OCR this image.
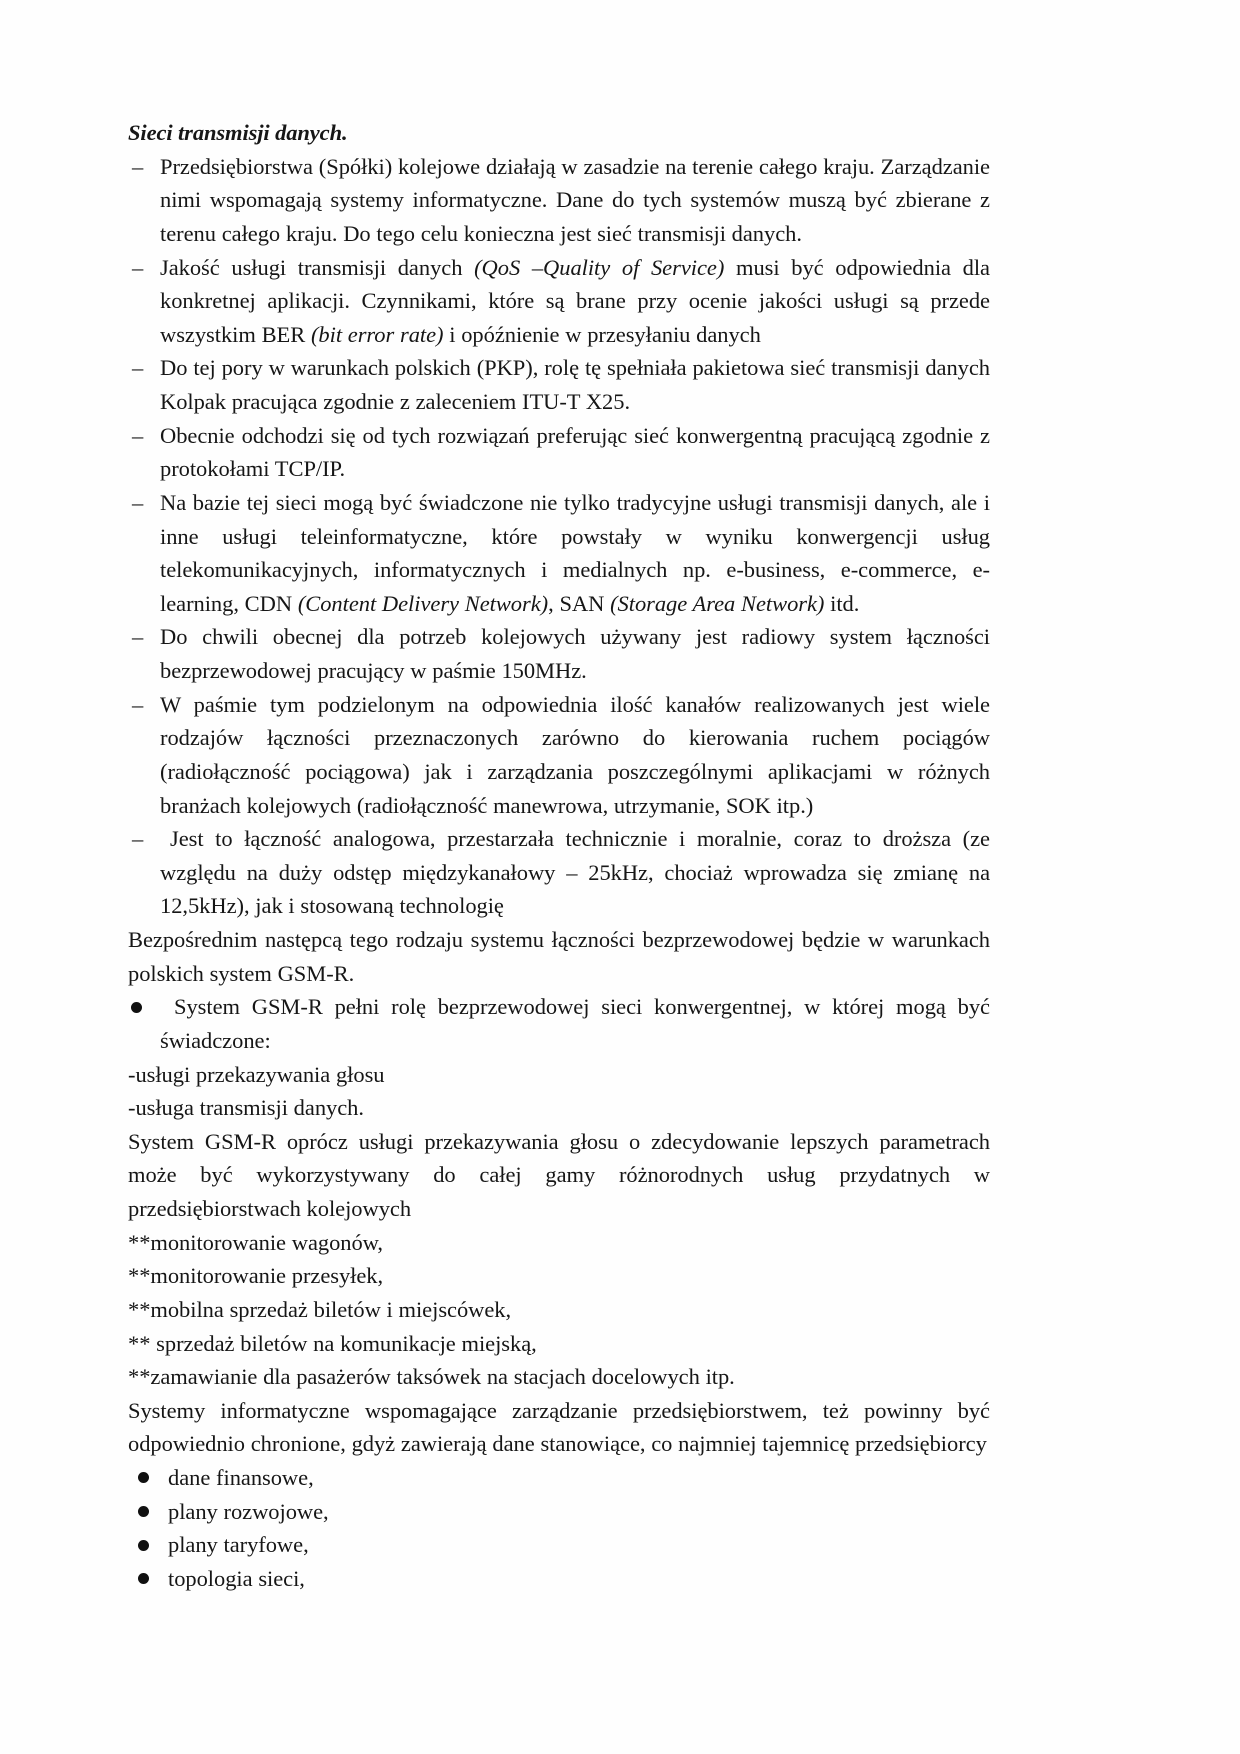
Sieci transmisji danych.
– Przedsiębiorstwa (Spółki) kolejowe działają w zasadzie na terenie całego kraju. Zarządzanie nimi wspomagają systemy informatyczne. Dane do tych systemów muszą być zbierane z terenu całego kraju. Do tego celu konieczna jest sieć transmisji danych.
– Jakość usługi transmisji danych (QoS –Quality of Service) musi być odpowiednia dla konkretnej aplikacji. Czynnikami, które są brane przy ocenie jakości usługi są przede wszystkim BER (bit error rate) i opóźnienie w przesyłaniu danych
– Do tej pory w warunkach polskich (PKP), rolę tę spełniała pakietowa sieć transmisji danych Kolpak pracująca zgodnie z zaleceniem ITU-T X25.
– Obecnie odchodzi się od tych rozwiązań preferując sieć konwergentną pracującą zgodnie z protokołami TCP/IP.
– Na bazie tej sieci mogą być świadczone nie tylko tradycyjne usługi transmisji danych, ale i inne usługi teleinformatyczne, które powstały w wyniku konwergencji usług telekomunikacyjnych, informatycznych i medialnych np. e-business, e-commerce, e-learning, CDN (Content Delivery Network), SAN (Storage Area Network) itd.
– Do chwili obecnej dla potrzeb kolejowych używany jest radiowy system łączności bezprzewodowej pracujący w paśmie 150MHz.
– W paśmie tym podzielonym na odpowiednia ilość kanałów realizowanych jest wiele rodzajów łączności przeznaczonych zarówno do kierowania ruchem pociągów (radiołączność pociągowa) jak i zarządzania poszczególnymi aplikacjami w różnych branżach kolejowych (radiołączność manewrowa, utrzymanie, SOK itp.)
–	Jest to łączność analogowa, przestarzała technicznie i moralnie, coraz to droższa (ze względu na duży odstęp międzykanałowy – 25kHz, chociaż wprowadza się zmianę na 12,5kHz), jak i stosowaną technologię
Bezpośrednim następcą tego rodzaju systemu łączności bezprzewodowej będzie w warunkach polskich system GSM-R.
System GSM-R pełni rolę bezprzewodowej sieci konwergentnej, w której mogą być świadczone:
-usługi przekazywania głosu
-usługa transmisji danych.
System GSM-R oprócz usługi przekazywania głosu o zdecydowanie lepszych parametrach może być wykorzystywany do całej gamy różnorodnych usług przydatnych w przedsiębiorstwach kolejowych
**monitorowanie wagonów,
**monitorowanie przesyłek,
**mobilna sprzedaż biletów i miejscówek,
** sprzedaż biletów na komunikacje miejską,
**zamawianie dla pasażerów taksówek na stacjach docelowych itp.
Systemy informatyczne wspomagające zarządzanie przedsiębiorstwem, też powinny być odpowiednio chronione, gdyż zawierają dane stanowiące, co najmniej tajemnicę przedsiębiorcy
dane finansowe,
plany rozwojowe,
plany taryfowe,
topologia sieci,
